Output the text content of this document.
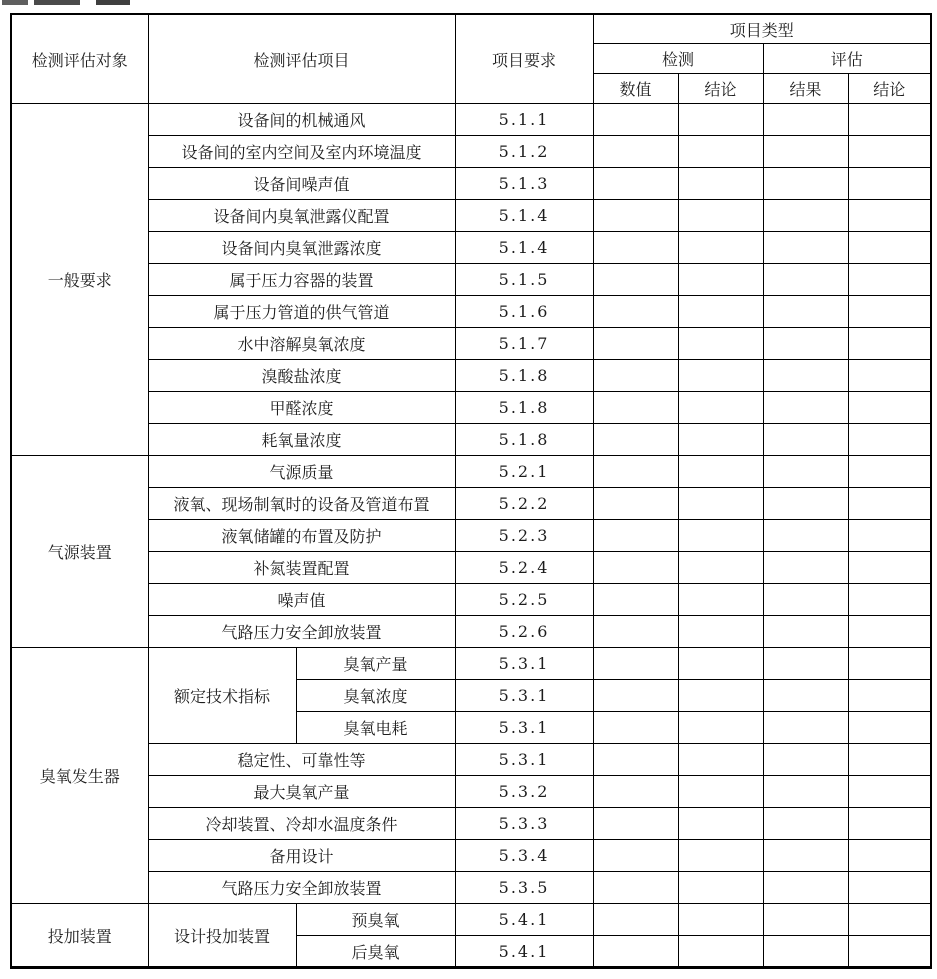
检测评估对象	检测评估项目		项目要求	项目类型			
				检测		评估	
				数值	结论	结果	结论
一般要求	设备间的机械通风		5.1.1				
	设备间的室内空间及室内环境温度		5.1.2				
	设备间噪声值		5.1.3				
	设备间内臭氧泄露仪配置		5.1.4				
	设备间内臭氧泄露浓度		5.1.4				
	属于压力容器的装置		5.1.5				
	属于压力管道的供气管道		5.1.6				
	水中溶解臭氧浓度		5.1.7				
	溴酸盐浓度		5.1.8				
	甲醛浓度		5.1.8				
	耗氧量浓度		5.1.8				
气源装置	气源质量		5.2.1				
	液氧、现场制氧时的设备及管道布置		5.2.2				
	液氧储罐的布置及防护		5.2.3				
	补氮装置配置		5.2.4				
	噪声值		5.2.5				
	气路压力安全卸放装置		5.2.6				
臭氧发生器	额定技术指标	臭氧产量	5.3.1				
		臭氧浓度	5.3.1				
		臭氧电耗	5.3.1				
	稳定性、可靠性等		5.3.1				
	最大臭氧产量		5.3.2				
	冷却装置、冷却水温度条件		5.3.3				
	备用设计		5.3.4				
	气路压力安全卸放装置		5.3.5				
投加装置	设计投加装置	预臭氧	5.4.1				
		后臭氧	5.4.1				
